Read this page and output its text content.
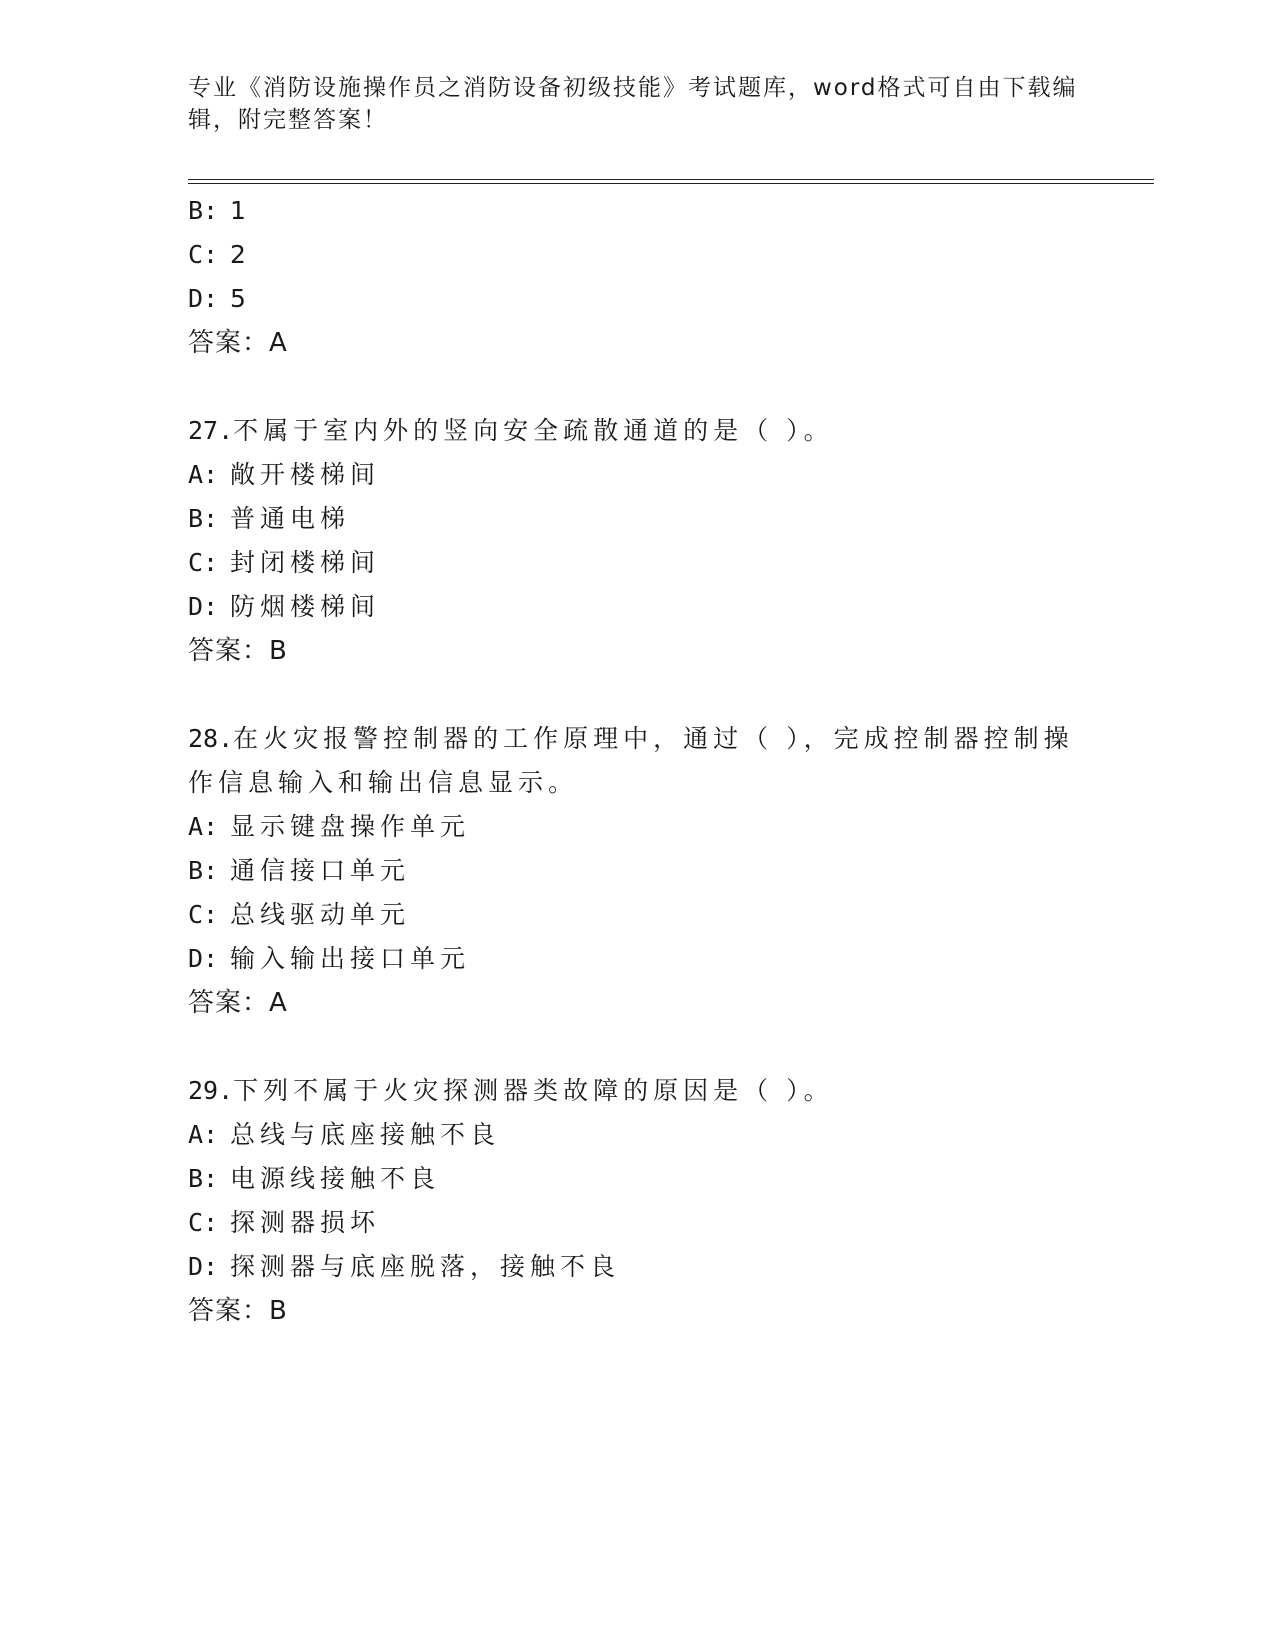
专业《消防设施操作员之消防设备初级技能》考试题库，word格式可自由下载编
辑，附完整答案！
B: 1
C: 2
D: 5
答案：A
27.不属于室内外的竖向安全疏散通道的是（ ）。
A: 敞开楼梯间
B: 普通电梯
C: 封闭楼梯间
D: 防烟楼梯间
答案：B
28.在火灾报警控制器的工作原理中，通过（ ），完成控制器控制操
作信息输入和输出信息显示。
A: 显示键盘操作单元
B: 通信接口单元
C: 总线驱动单元
D: 输入输出接口单元
答案：A
29.下列不属于火灾探测器类故障的原因是（ ）。
A: 总线与底座接触不良
B: 电源线接触不良
C: 探测器损坏
D: 探测器与底座脱落，接触不良
答案：B
